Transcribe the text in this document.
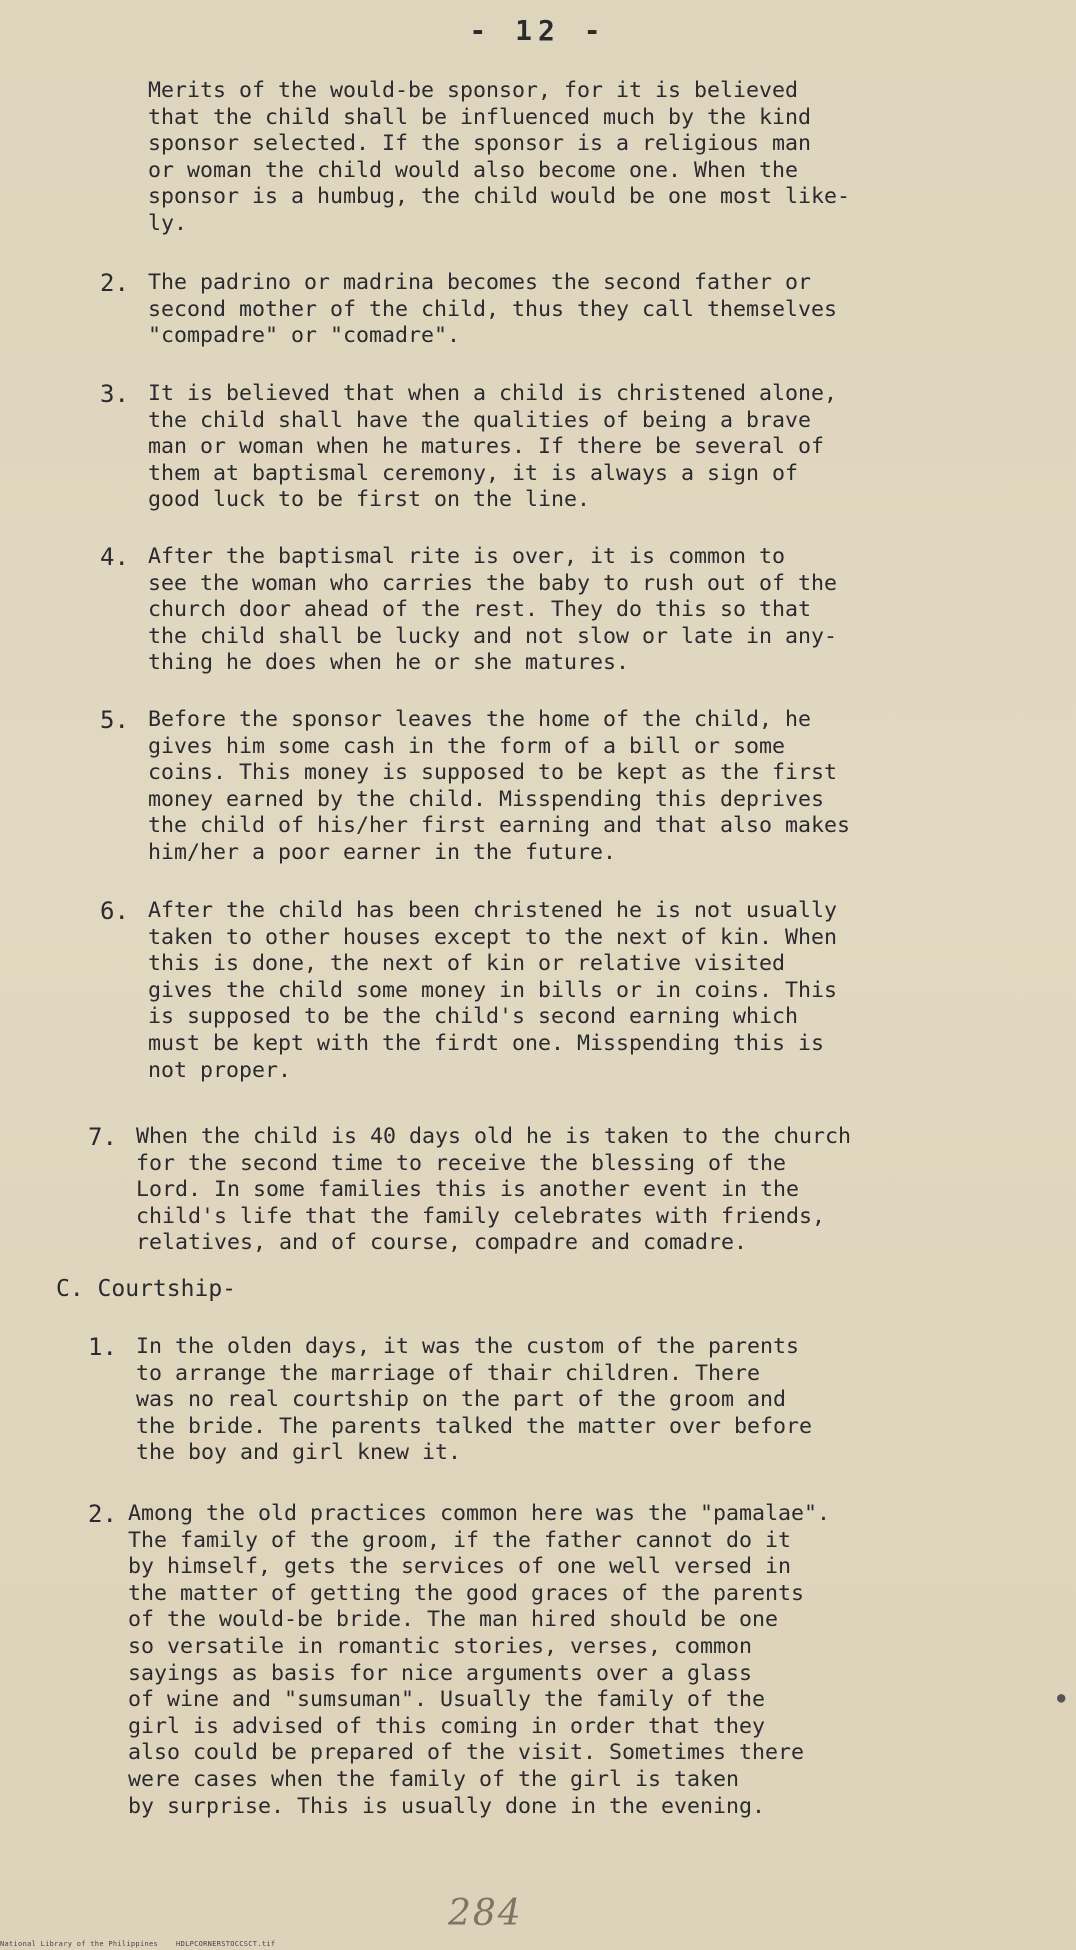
- 12 -

Merits of the would-be sponsor, for it is believed
that the child shall be influenced much by the kind
sponsor selected. If the sponsor is a religious man
or woman the child would also become one. When the
sponsor is a humbug, the child would be one most like-
ly.

2. The padrino or madrina becomes the second father or
second mother of the child, thus they call themselves
"compadre" or "comadre".

3. It is believed that when a child is christened alone,
the child shall have the qualities of being a brave
man or woman when he matures. If there be several of
them at baptismal ceremony, it is always a sign of
good luck to be first on the line.

4. After the baptismal rite is over, it is common to
see the woman who carries the baby to rush out of the
church door ahead of the rest. They do this so that
the child shall be lucky and not slow or late in any-
thing he does when he or she matures.

5. Before the sponsor leaves the home of the child, he
gives him some cash in the form of a bill or some
coins. This money is supposed to be kept as the first
money earned by the child. Misspending this deprives
the child of his/her first earning and that also makes
him/her a poor earner in the future.

6. After the child has been christened he is not usually
taken to other houses except to the next of kin. When
this is done, the next of kin or relative visited
gives the child some money in bills or in coins. This
is supposed to be the child's second earning which
must be kept with the firdt one. Misspending this is
not proper.

7. When the child is 40 days old he is taken to the church
for the second time to receive the blessing of the
Lord. In some families this is another event in the
child's life that the family celebrates with friends,
relatives, and of course, compadre and comadre.

C. Courtship-
1. In the olden days, it was the custom of the parents
to arrange the marriage of thair children. There
was no real courtship on the part of the groom and
the bride. The parents talked the matter over before
the boy and girl knew it.

2. Among the old practices common here was the "pamalae".
The family of the groom, if the father cannot do it
by himself, gets the services of one well versed in
the matter of getting the good graces of the parents
of the would-be bride. The man hired should be one
so versatile in romantic stories, verses, common
sayings as basis for nice arguments over a glass
of wine and "sumsuman". Usually the family of the
girl is advised of this coming in order that they
also could be prepared of the visit. Sometimes there
were cases when the family of the girl is taken
by surprise. This is usually done in the evening.

●
284
National Library of the Philippines    HDLPCORNERSTOCCSCT.tif
